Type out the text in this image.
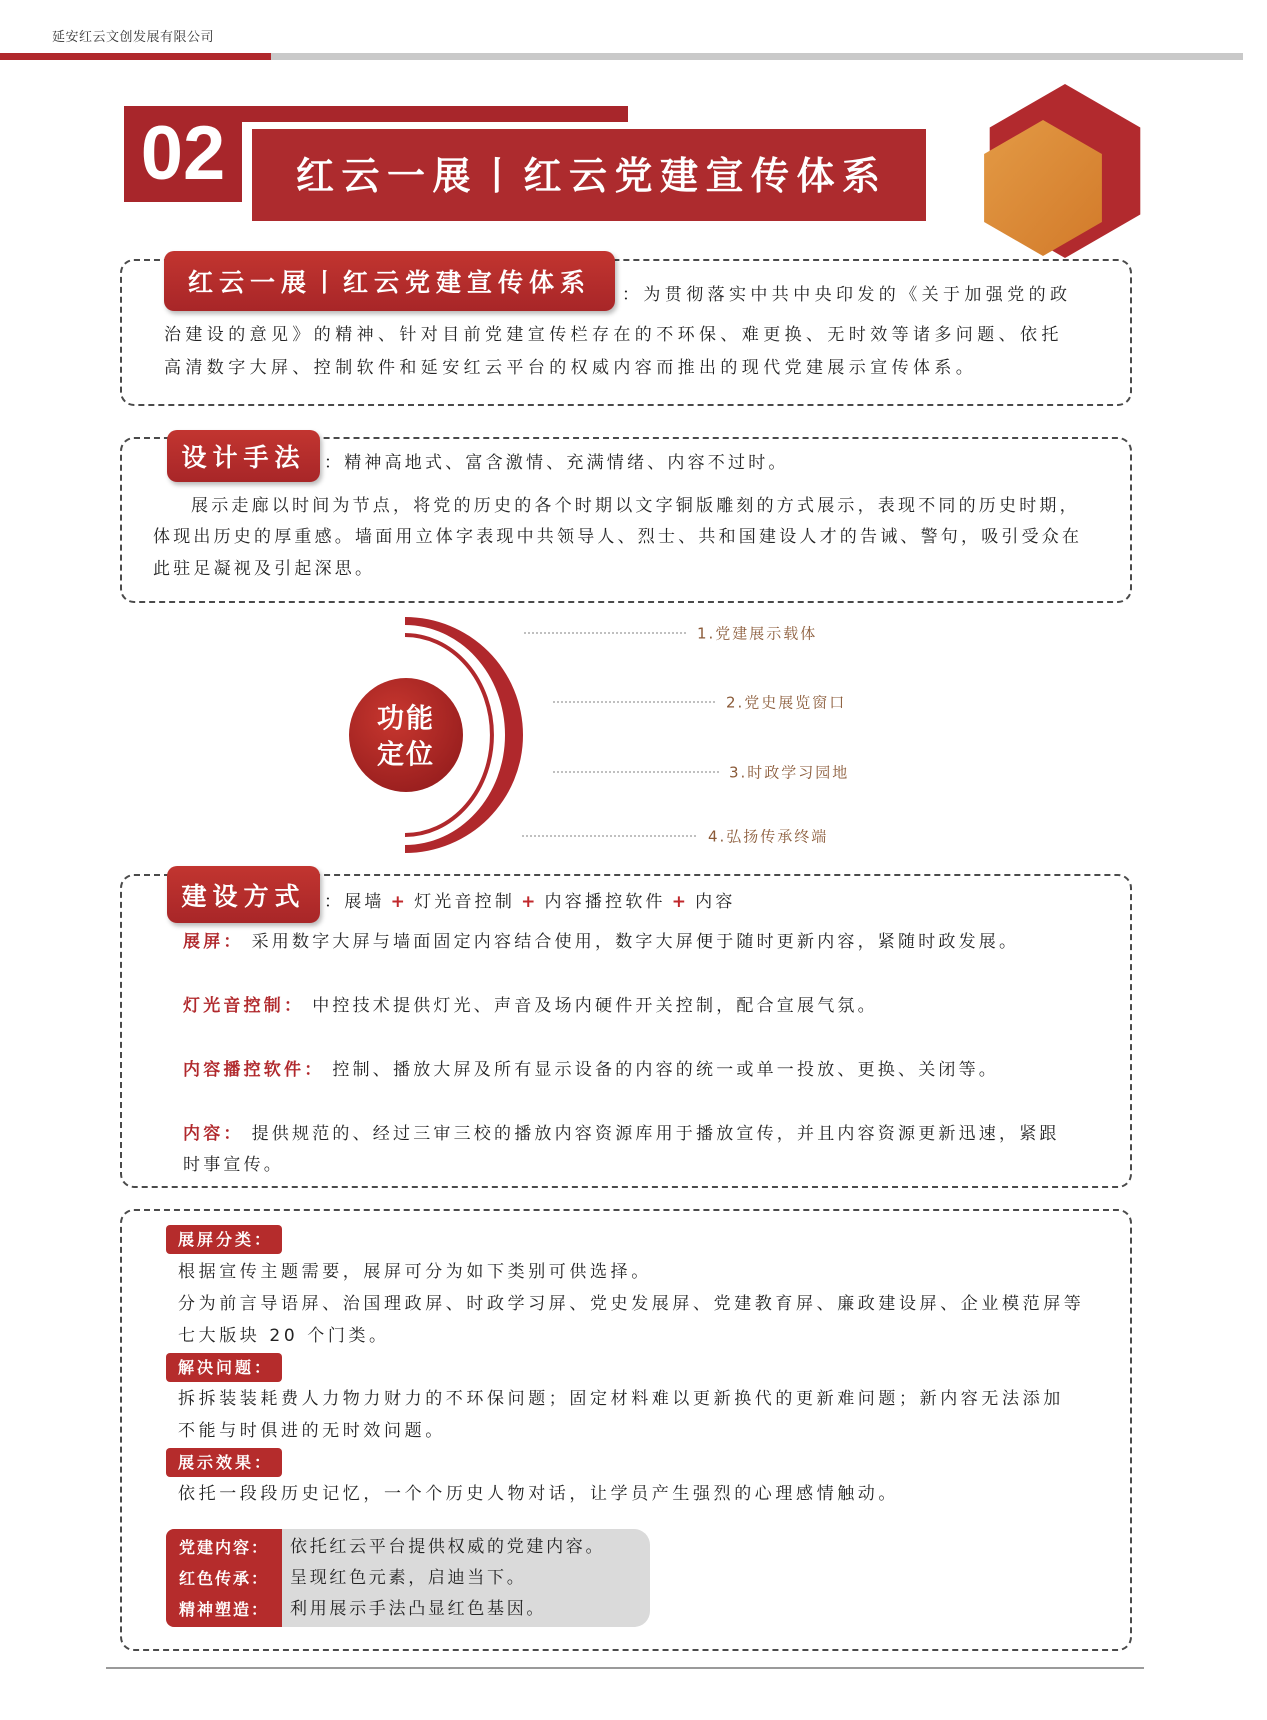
延安红云文创发展有限公司
功能
定位
1.党建展示载体
2.党史展览窗口
3.时政学习园地
4.弘扬传承终端
02	红云一展丨红云党建宣传体系
红云一展丨红云党建宣传体系	：为贯彻落实中共中央印发的《关于加强党的政
治建设的意见》的精神、针对目前党建宣传栏存在的不环保、难更换、无时效等诸多问题、依托
高清数字大屏、控制软件和延安红云平台的权威内容而推出的现代党建展示宣传体系。
设计手法	：精神高地式、富含激情、充满情绪、内容不过时。
展示走廊以时间为节点，将党的历史的各个时期以文字铜版雕刻的方式展示，表现不同的历史时期，
体现出历史的厚重感。墙面用立体字表现中共领导人、烈士、共和国建设人才的告诫、警句，吸引受众在
此驻足凝视及引起深思。
建设方式	：展墙 + 灯光音控制 + 内容播控软件 + 内容
展屏： 采用数字大屏与墙面固定内容结合使用，数字大屏便于随时更新内容，紧随时政发展。
灯光音控制： 中控技术提供灯光、声音及场内硬件开关控制，配合宣展气氛。
内容播控软件： 控制、播放大屏及所有显示设备的内容的统一或单一投放、更换、关闭等。
内容： 提供规范的、经过三审三校的播放内容资源库用于播放宣传，并且内容资源更新迅速，紧跟
时事宣传。
展屏分类：
根据宣传主题需要，展屏可分为如下类别可供选择。
分为前言导语屏、治国理政屏、时政学习屏、党史发展屏、党建教育屏、廉政建设屏、企业模范屏等
七大版块 20 个门类。
解决问题：
拆拆装装耗费人力物力财力的不环保问题；固定材料难以更新换代的更新难问题；新内容无法添加
不能与时俱进的无时效问题。
展示效果：
依托一段段历史记忆，一个个历史人物对话，让学员产生强烈的心理感情触动。
党建内容：	依托红云平台提供权威的党建内容。
红色传承：	呈现红色元素，启迪当下。
精神塑造：	利用展示手法凸显红色基因。
